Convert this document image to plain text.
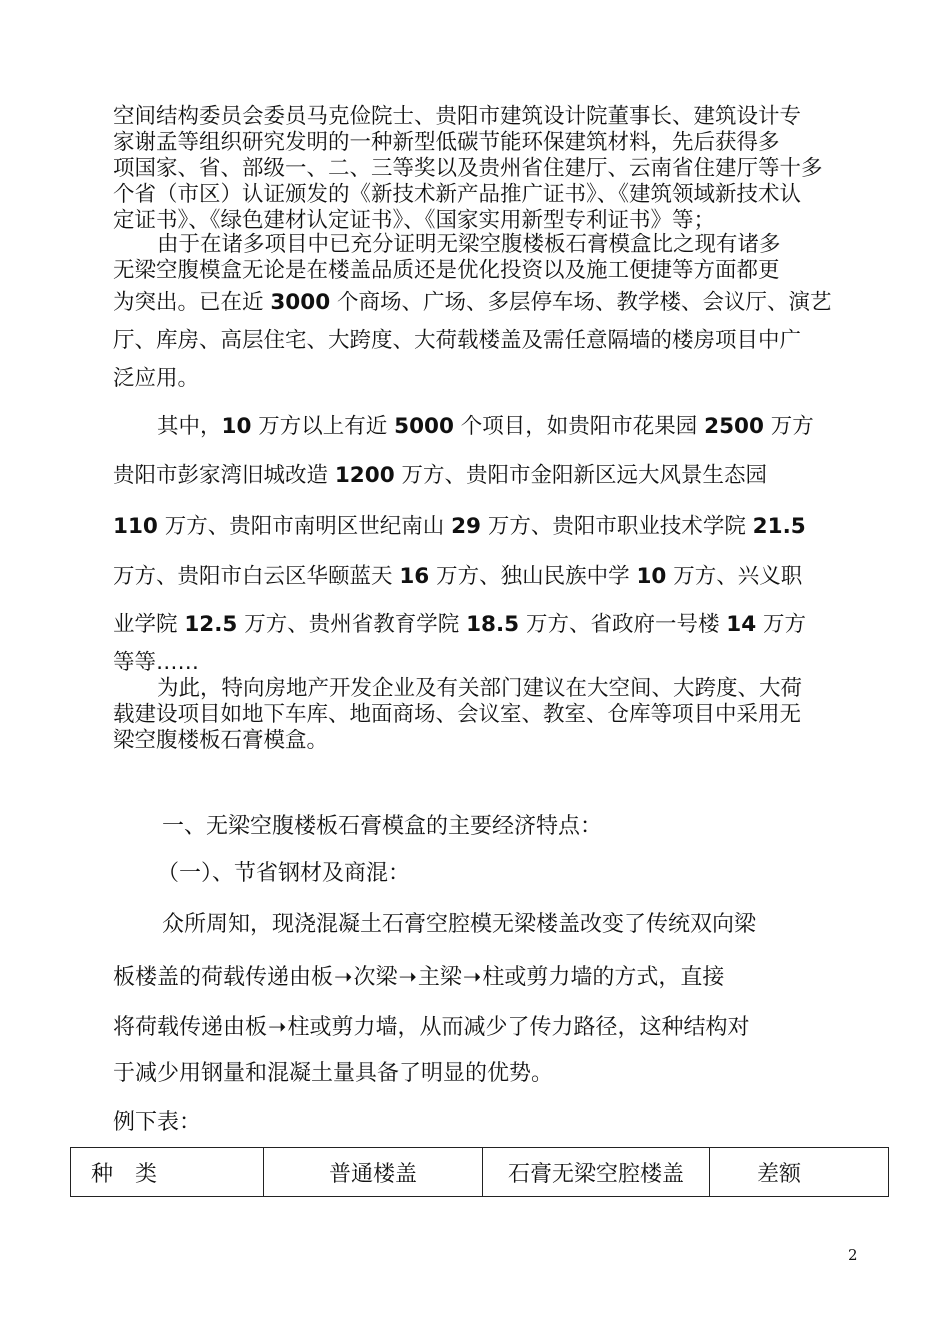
空间结构委员会委员马克俭院士、贵阳市建筑设计院董事长、建筑设计专
家谢孟等组织研究发明的一种新型低碳节能环保建筑材料，先后获得多
项国家、省、部级一、二、三等奖以及贵州省住建厅、云南省住建厅等十多
个省（市区）认证颁发的《新技术新产品推广证书》、《建筑领域新技术认
定证书》、《绿色建材认定证书》、《国家实用新型专利证书》等；
由于在诸多项目中已充分证明无梁空腹楼板石膏模盒比之现有诸多
无梁空腹模盒无论是在楼盖品质还是优化投资以及施工便捷等方面都更
为突出。已在近 3000 个商场、广场、多层停车场、教学楼、会议厅、演艺
厅、库房、高层住宅、大跨度、大荷载楼盖及需任意隔墙的楼房项目中广
泛应用。
其中，10 万方以上有近 5000 个项目，如贵阳市花果园 2500 万方
贵阳市彭家湾旧城改造 1200 万方、贵阳市金阳新区远大风景生态园
110 万方、贵阳市南明区世纪南山 29 万方、贵阳市职业技术学院 21.5
万方、贵阳市白云区华颐蓝天 16 万方、独山民族中学 10 万方、兴义职
业学院 12.5 万方、贵州省教育学院 18.5 万方、省政府一号楼 14 万方
等等……
为此，特向房地产开发企业及有关部门建议在大空间、大跨度、大荷
载建设项目如地下车库、地面商场、会议室、教室、仓库等项目中采用无
梁空腹楼板石膏模盒。
一、无梁空腹楼板石膏模盒的主要经济特点：
（一）、节省钢材及商混：
众所周知，现浇混凝土石膏空腔模无梁楼盖改变了传统双向梁
板楼盖的荷载传递由板➝次梁➝主梁➝柱或剪力墙的方式，直接
将荷载传递由板➝柱或剪力墙，从而减少了传力路径，这种结构对
于减少用钢量和混凝土量具备了明显的优势。
例下表：
种　类	普通楼盖	石膏无梁空腔楼盖	差额
2
